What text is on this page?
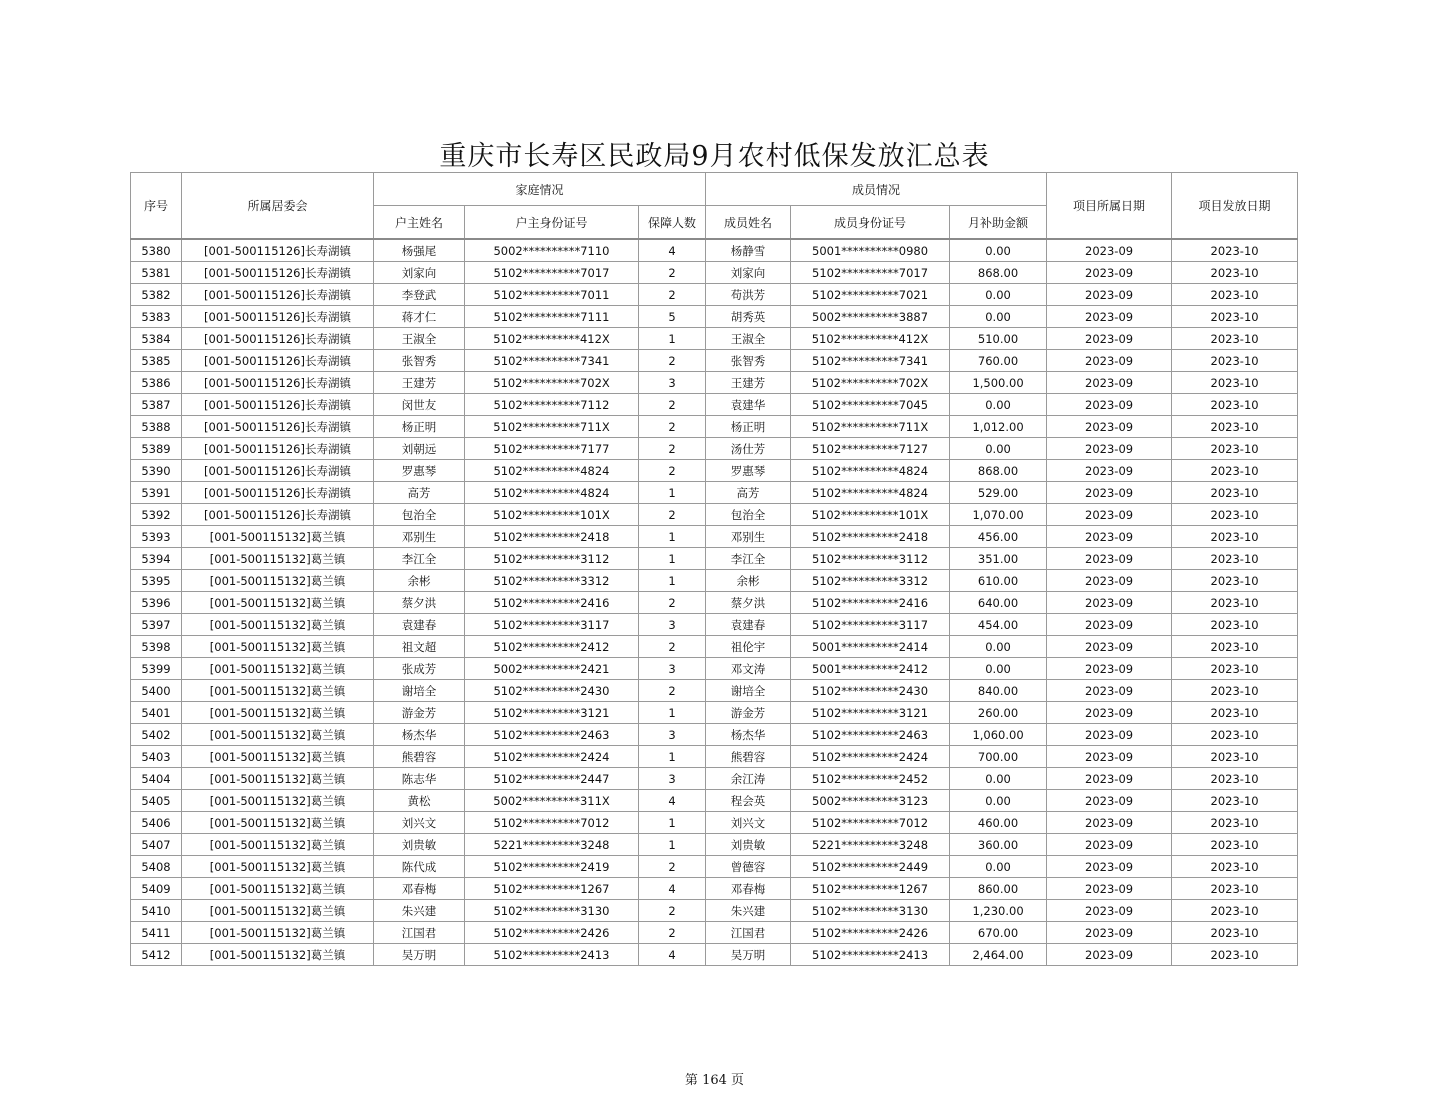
重庆市长寿区民政局9月农村低保发放汇总表
序号	所属居委会	家庭情况			成员情况			项目所属日期	项目发放日期
		户主姓名	户主身份证号	保障人数	成员姓名	成员身份证号	月补助金额		
5380	[001-500115126]长寿湖镇	杨强尾	5002**********7110	4	杨静雪	5001**********0980	0.00	2023-09	2023-10
5381	[001-500115126]长寿湖镇	刘家向	5102**********7017	2	刘家向	5102**********7017	868.00	2023-09	2023-10
5382	[001-500115126]长寿湖镇	李登武	5102**********7011	2	苟洪芳	5102**********7021	0.00	2023-09	2023-10
5383	[001-500115126]长寿湖镇	蒋才仁	5102**********7111	5	胡秀英	5002**********3887	0.00	2023-09	2023-10
5384	[001-500115126]长寿湖镇	王淑全	5102**********412X	1	王淑全	5102**********412X	510.00	2023-09	2023-10
5385	[001-500115126]长寿湖镇	张智秀	5102**********7341	2	张智秀	5102**********7341	760.00	2023-09	2023-10
5386	[001-500115126]长寿湖镇	王建芳	5102**********702X	3	王建芳	5102**********702X	1,500.00	2023-09	2023-10
5387	[001-500115126]长寿湖镇	闵世友	5102**********7112	2	袁建华	5102**********7045	0.00	2023-09	2023-10
5388	[001-500115126]长寿湖镇	杨正明	5102**********711X	2	杨正明	5102**********711X	1,012.00	2023-09	2023-10
5389	[001-500115126]长寿湖镇	刘朝远	5102**********7177	2	汤仕芳	5102**********7127	0.00	2023-09	2023-10
5390	[001-500115126]长寿湖镇	罗惠琴	5102**********4824	2	罗惠琴	5102**********4824	868.00	2023-09	2023-10
5391	[001-500115126]长寿湖镇	高芳	5102**********4824	1	高芳	5102**********4824	529.00	2023-09	2023-10
5392	[001-500115126]长寿湖镇	包治全	5102**********101X	2	包治全	5102**********101X	1,070.00	2023-09	2023-10
5393	[001-500115132]葛兰镇	邓别生	5102**********2418	1	邓别生	5102**********2418	456.00	2023-09	2023-10
5394	[001-500115132]葛兰镇	李江全	5102**********3112	1	李江全	5102**********3112	351.00	2023-09	2023-10
5395	[001-500115132]葛兰镇	余彬	5102**********3312	1	余彬	5102**********3312	610.00	2023-09	2023-10
5396	[001-500115132]葛兰镇	蔡夕洪	5102**********2416	2	蔡夕洪	5102**********2416	640.00	2023-09	2023-10
5397	[001-500115132]葛兰镇	袁建春	5102**********3117	3	袁建春	5102**********3117	454.00	2023-09	2023-10
5398	[001-500115132]葛兰镇	祖文超	5102**********2412	2	祖伦宇	5001**********2414	0.00	2023-09	2023-10
5399	[001-500115132]葛兰镇	张成芳	5002**********2421	3	邓文涛	5001**********2412	0.00	2023-09	2023-10
5400	[001-500115132]葛兰镇	谢培全	5102**********2430	2	谢培全	5102**********2430	840.00	2023-09	2023-10
5401	[001-500115132]葛兰镇	游金芳	5102**********3121	1	游金芳	5102**********3121	260.00	2023-09	2023-10
5402	[001-500115132]葛兰镇	杨杰华	5102**********2463	3	杨杰华	5102**********2463	1,060.00	2023-09	2023-10
5403	[001-500115132]葛兰镇	熊碧容	5102**********2424	1	熊碧容	5102**********2424	700.00	2023-09	2023-10
5404	[001-500115132]葛兰镇	陈志华	5102**********2447	3	余江涛	5102**********2452	0.00	2023-09	2023-10
5405	[001-500115132]葛兰镇	黄松	5002**********311X	4	程会英	5002**********3123	0.00	2023-09	2023-10
5406	[001-500115132]葛兰镇	刘兴文	5102**********7012	1	刘兴文	5102**********7012	460.00	2023-09	2023-10
5407	[001-500115132]葛兰镇	刘贵敏	5221**********3248	1	刘贵敏	5221**********3248	360.00	2023-09	2023-10
5408	[001-500115132]葛兰镇	陈代成	5102**********2419	2	曾德容	5102**********2449	0.00	2023-09	2023-10
5409	[001-500115132]葛兰镇	邓春梅	5102**********1267	4	邓春梅	5102**********1267	860.00	2023-09	2023-10
5410	[001-500115132]葛兰镇	朱兴建	5102**********3130	2	朱兴建	5102**********3130	1,230.00	2023-09	2023-10
5411	[001-500115132]葛兰镇	江国君	5102**********2426	2	江国君	5102**********2426	670.00	2023-09	2023-10
5412	[001-500115132]葛兰镇	吴万明	5102**********2413	4	吴万明	5102**********2413	2,464.00	2023-09	2023-10
第 164 页
